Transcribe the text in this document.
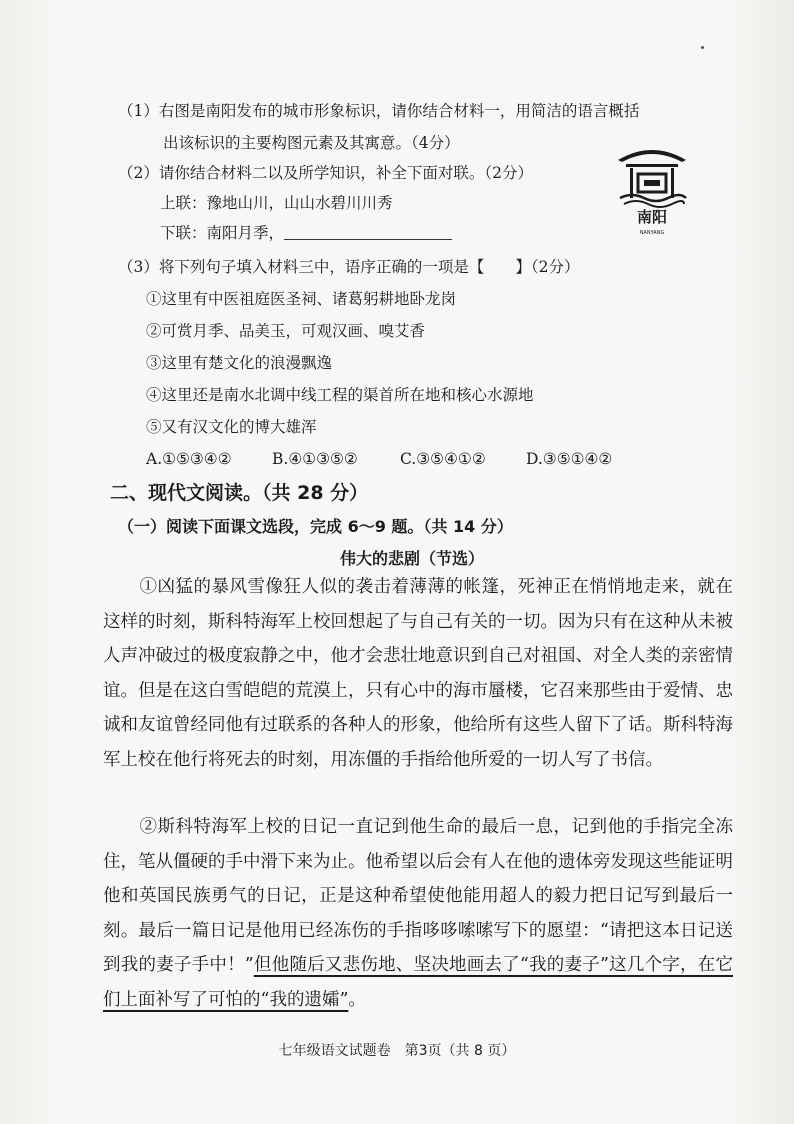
（1）右图是南阳发布的城市形象标识，请你结合材料一，用简洁的语言概括
出该标识的主要构图元素及其寓意。（4分）
（2）请你结合材料二以及所学知识，补全下面对联。（2分）
上联：豫地山川，山山水碧川川秀
下联：南阳月季，
南阳
NANYANG
（3）将下列句子填入材料三中，语序正确的一项是【　　】（2分）
①这里有中医祖庭医圣祠、诸葛躬耕地卧龙岗
②可赏月季、品美玉，可观汉画、嗅艾香
③这里有楚文化的浪漫飘逸
④这里还是南水北调中线工程的渠首所在地和核心水源地
⑤又有汉文化的博大雄浑
A.①⑤③④②	B.④①③⑤②	C.③⑤④①②	D.③⑤①④②
二、现代文阅读。（共 28 分）
（一）阅读下面课文选段，完成 6～9 题。（共 14 分）
伟大的悲剧（节选）
①凶猛的暴风雪像狂人似的袭击着薄薄的帐篷，死神正在悄悄地走来，就在这样的时刻，斯科特海军上校回想起了与自己有关的一切。因为只有在这种从未被人声冲破过的极度寂静之中，他才会悲壮地意识到自己对祖国、对全人类的亲密情谊。但是在这白雪皑皑的荒漠上，只有心中的海市蜃楼，它召来那些由于爱情、忠诚和友谊曾经同他有过联系的各种人的形象，他给所有这些人留下了话。斯科特海军上校在他行将死去的时刻，用冻僵的手指给他所爱的一切人写了书信。
②斯科特海军上校的日记一直记到他生命的最后一息，记到他的手指完全冻住，笔从僵硬的手中滑下来为止。他希望以后会有人在他的遗体旁发现这些能证明他和英国民族勇气的日记，正是这种希望使他能用超人的毅力把日记写到最后一刻。最后一篇日记是他用已经冻伤的手指哆哆嗦嗦写下的愿望：“请把这本日记送到我的妻子手中！”但他随后又悲伤地、坚决地画去了“我的妻子”这几个字，在它们上面补写了可怕的“我的遗孀”。
七年级语文试题卷　第3页（共 8 页）
